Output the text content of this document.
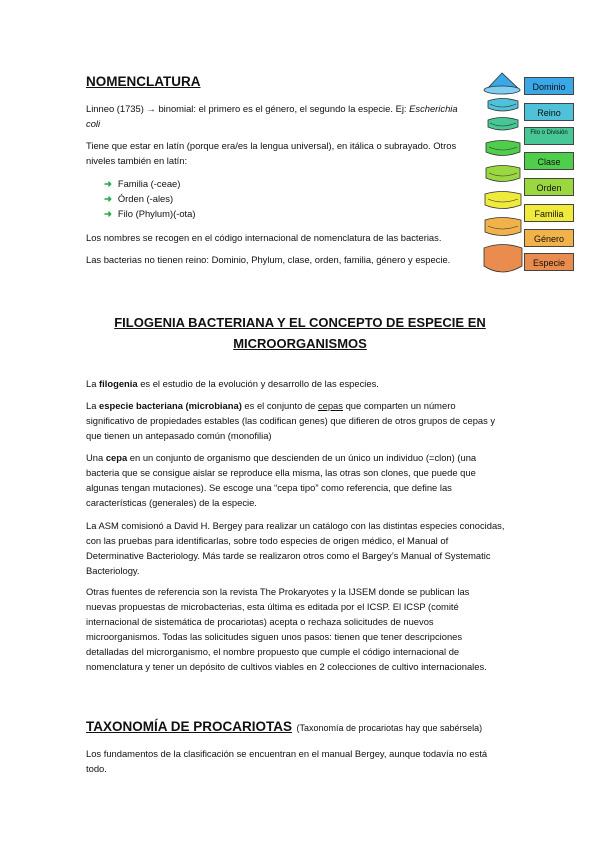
NOMENCLATURA

Linneo (1735) → binomial: el primero es el género, el segundo la especie. Ej: Escherichia coli

Tiene que estar en latín (porque era/es la lengua universal), en itálica o subrayado. Otros niveles también en latín:

➜ Familia (-ceae)
➜ Órden (-ales)
➜ Filo (Phylum)(-ota)

Los nombres se recogen en el código internacional de nomenclatura de las bacterias.

Las bacterias no tienen reino: Dominio, Phylum, clase, orden, familia, género y especie.

Dominio
Reino
Filo o División
Clase
Orden
Familia
Género
Especie
FILOGENIA BACTERIANA Y EL CONCEPTO DE ESPECIE EN
MICROORGANISMOS

La filogenia es el estudio de la evolución y desarrollo de las especies.

La especie bacteriana (microbiana) es el conjunto de cepas que comparten un número significativo de propiedades estables (las codifican genes) que difieren de otros grupos de cepas y que tienen un antepasado común (monofilia)

Una cepa en un conjunto de organismo que descienden de un único un individuo (=clon) (una bacteria que se consigue aislar se reproduce ella misma, las otras son clones, que puede que algunas tengan mutaciones). Se escoge una “cepa tipo” como referencia, que define las características (generales) de la especie.

La ASM comisionó a David H. Bergey para realizar un catálogo con las distintas especies conocidas, con las pruebas para identificarlas, sobre todo especies de origen médico, el Manual of Determinative Bacteriology. Más tarde se realizaron otros como el Bargey’s Manual of Systematic Bacteriology.

Otras fuentes de referencia son la revista The Prokaryotes y la IJSEM donde se publican las nuevas propuestas de microbacterias, esta última es editada por el ICSP. El ICSP (comité internacional de sistemática de procariotas) acepta o rechaza solicitudes de nuevos microorganismos. Todas las solicitudes siguen unos pasos: tienen que tener descripciones detalladas del microrganismo, el nombre propuesto que cumple el código internacional de nomenclatura y tener un depósito de cultivos viables en 2 colecciones de cultivo internacionales.

TAXONOMÍA DE PROCARIOTAS (Taxonomía de procariotas hay que sabérsela)

Los fundamentos de la clasificación se encuentran en el manual Bergey, aunque todavía no está todo.
